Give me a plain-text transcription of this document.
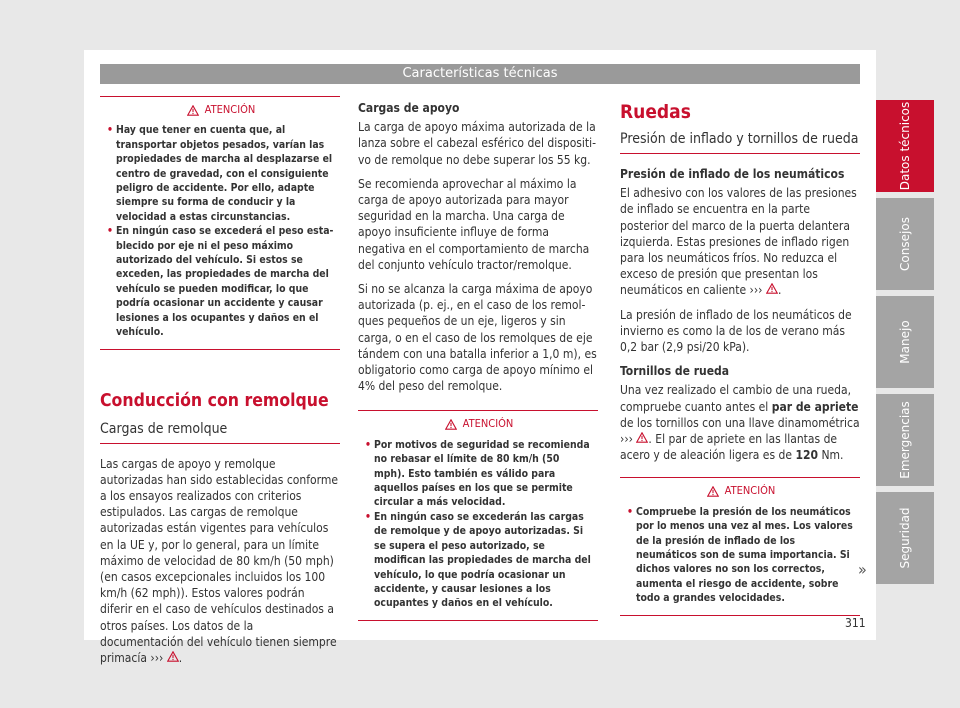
Características técnicas
Datos técnicos
Consejos
Manejo
Emergencias
Seguridad
ATENCIÓN
• Hay que tener en cuenta que, al transportar objetos pesados, varían las propiedades de marcha al desplazarse el centro de gravedad, con el consiguiente peligro de accidente. Por ello, adapte siempre su forma de conducir y la velocidad a estas circunstancias.
• En ningún caso se excederá el peso establecido por eje ni el peso máximo autorizado del vehículo. Si estos se exceden, las propiedades de marcha del vehículo se pueden modificar, lo que podría ocasionar un accidente y causar lesiones a los ocupantes y daños en el vehículo.
Conducción con remolque
Cargas de remolque

Las cargas de apoyo y remolque autorizadas han sido establecidas conforme a los ensayos realizados con criterios estipulados. Las cargas de remolque autorizadas están vigentes para vehículos en la UE y, por lo general, para un límite máximo de velocidad de 80 km/h (50 mph) (en casos excepcionales incluidos los 100 km/h (62 mph)). Estos valores podrán diferir en el caso de vehículos destinados a otros países. Los datos de la documentación del vehículo tienen siempre primacía ››› .

Cargas de apoyo

La carga de apoyo máxima autorizada de la lanza sobre el cabezal esférico del dispositivo de remolque no debe superar los 55 kg.

Se recomienda aprovechar al máximo la carga de apoyo autorizada para mayor seguridad en la marcha. Una carga de apoyo insuficiente influye de forma negativa en el comportamiento de marcha del conjunto vehículo tractor/remolque.

Si no se alcanza la carga máxima de apoyo autorizada (p. ej., en el caso de los remolques pequeños de un eje, ligeros y sin carga, o en el caso de los remolques de eje tándem con una batalla inferior a 1,0 m), es obligatorio como carga de apoyo mínimo el 4% del peso del remolque.

ATENCIÓN
• Por motivos de seguridad se recomienda no rebasar el límite de 80 km/h (50 mph). Esto también es válido para aquellos países en los que se permite circular a más velocidad.
• En ningún caso se excederán las cargas de remolque y de apoyo autorizadas. Si se supera el peso autorizado, se modifican las propiedades de marcha del vehículo, lo que podría ocasionar un accidente, y causar lesiones a los ocupantes y daños en el vehículo.
Ruedas
Presión de inflado y tornillos de rueda
Presión de inflado de los neumáticos

El adhesivo con los valores de las presiones de inflado se encuentra en la parte posterior del marco de la puerta delantera izquierda. Estas presiones de inflado rigen para los neumáticos fríos. No reduzca el exceso de presión que presentan los neumáticos en caliente ››› .

La presión de inflado de los neumáticos de invierno es como la de los de verano más 0,2 bar (2,9 psi/20 kPa).

Tornillos de rueda

Una vez realizado el cambio de una rueda, compruebe cuanto antes el par de apriete de los tornillos con una llave dinamométrica ››› . El par de apriete en las llantas de acero y de aleación ligera es de 120 Nm.

ATENCIÓN
• Compruebe la presión de los neumáticos por lo menos una vez al mes. Los valores de la presión de inflado de los neumáticos son de suma importancia. Si dichos valores no son los correctos, aumenta el riesgo de accidente, sobre todo a grandes velocidades.
»
311
